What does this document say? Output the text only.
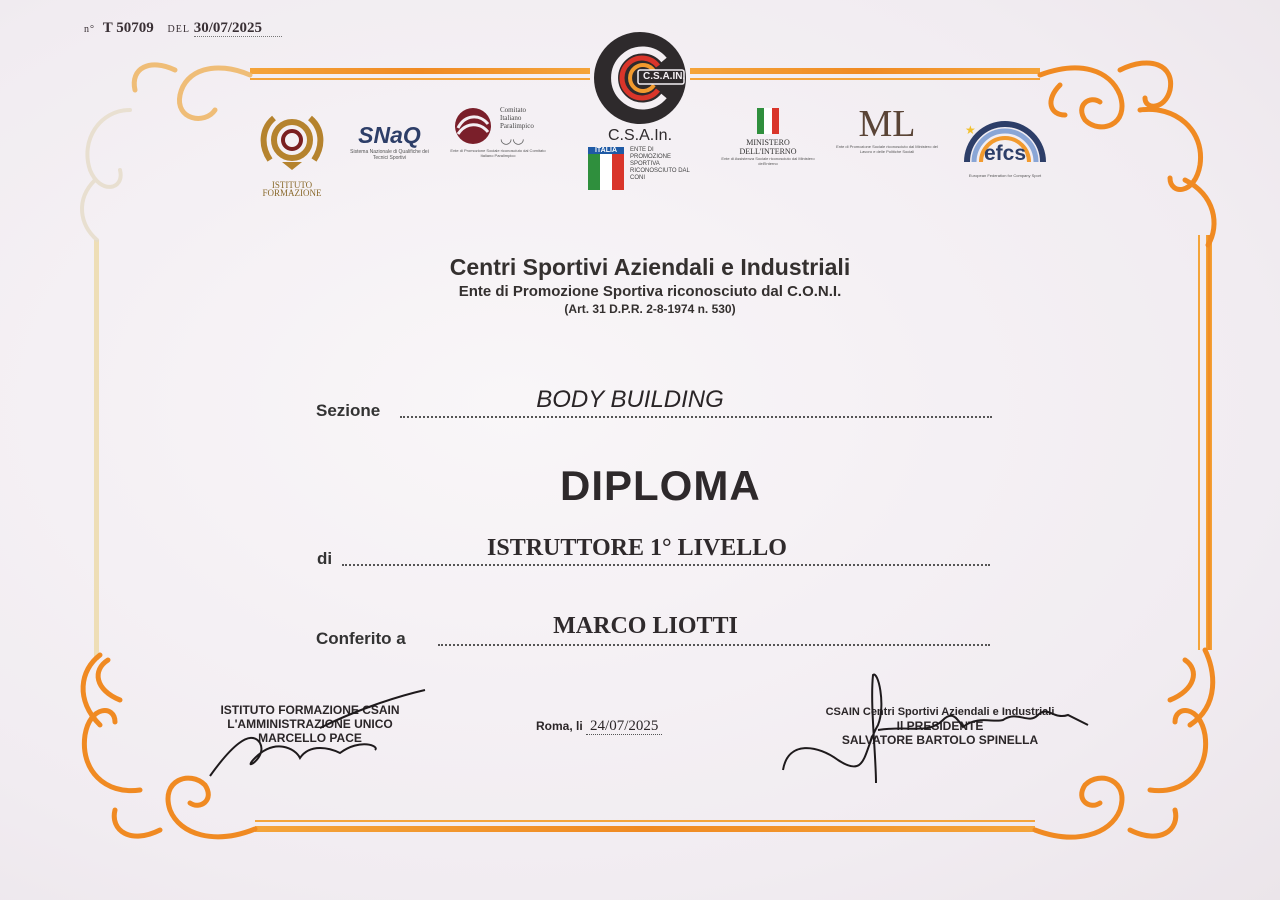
n° T 50709 DEL 30/07/2025
ISTITUTO
FORMAZIONE
SNaQ
Sistema Nazionale di Qualifiche dei Tecnici Sportivi
Comitato Italiano Paralimpico
◡◡
Ente di Promozione Sociale riconosciuto dal Comitato Italiano Paralimpico
C.S.A.IN.
C.S.A.In.
ITALIA	ENTE DI PROMOZIONE SPORTIVA RICONOSCIUTO DAL CONI
MINISTERO
DELL'INTERNO
Ente di Assistenza Sociale riconosciuto dal Ministero dell'Interno
ML
Ente di Promozione Sociale riconosciuto dal Ministero del Lavoro e delle Politiche Sociali
★
efcs
European Federation for Company Sport
Centri Sportivi Aziendali e Industriali
Ente di Promozione Sportiva riconosciuto dal C.O.N.I.
(Art. 31 D.P.R. 2-8-1974 n. 530)
Sezione	BODY BUILDING
DIPLOMA
di	ISTRUTTORE 1° LIVELLO
Conferito a	MARCO LIOTTI
ISTITUTO FORMAZIONE CSAIN
L'AMMINISTRAZIONE UNICO
MARCELLO PACE
Roma, li 24/07/2025
CSAIN Centri Sportivi Aziendali e Industriali
Il PRESIDENTE
SALVATORE BARTOLO SPINELLA
